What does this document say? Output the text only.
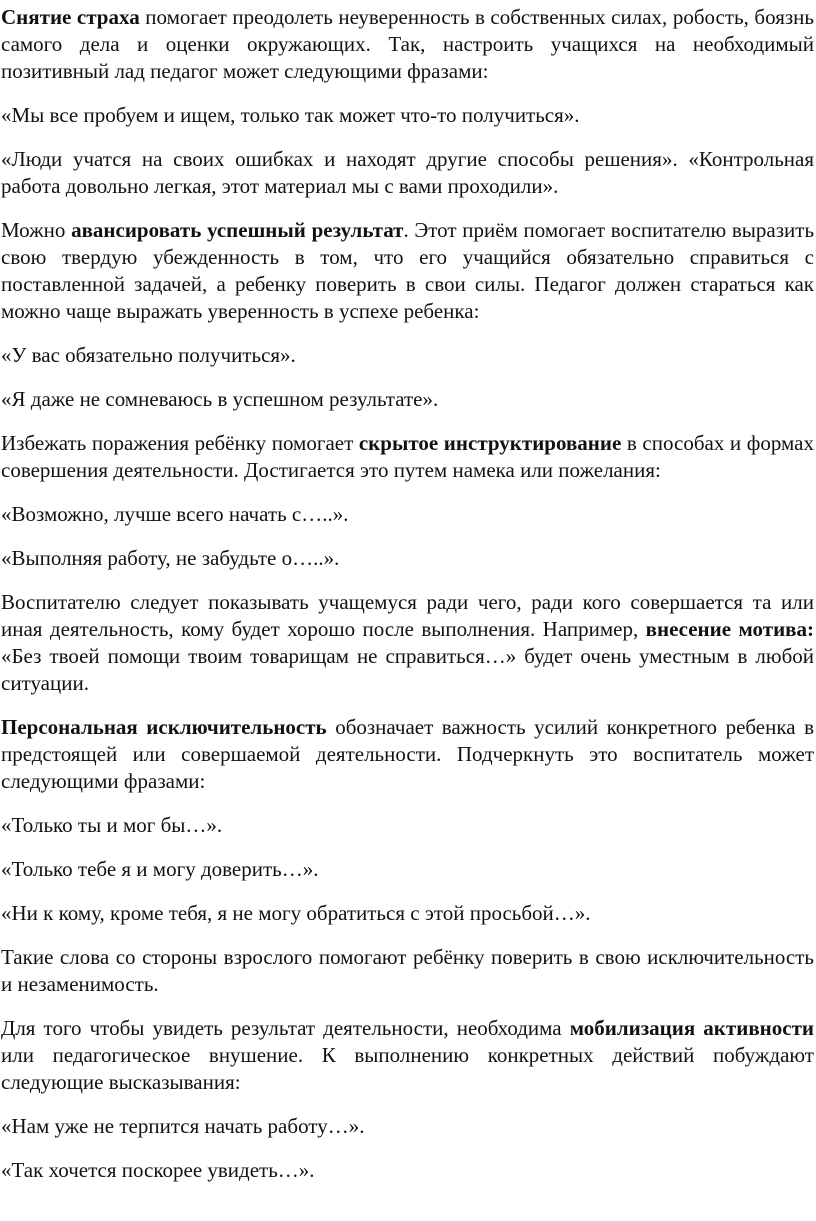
Снятие страха помогает преодолеть неуверенность в собственных силах, робость, боязнь самого дела и оценки окружающих. Так, настроить учащихся на необходимый позитивный лад педагог может следующими фразами:

«Мы все пробуем и ищем, только так может что-то получиться».

«Люди учатся на своих ошибках и находят другие способы решения». «Контрольная работа довольно легкая, этот материал мы с вами проходили».

Можно авансировать успешный результат. Этот приём помогает воспитателю выразить свою твердую убежденность в том, что его учащийся обязательно справиться с поставленной задачей, а ребенку поверить в свои силы. Педагог должен стараться как можно чаще выражать уверенность в успехе ребенка:

«У вас обязательно получиться».

«Я даже не сомневаюсь в успешном результате».

Избежать поражения ребёнку помогает скрытое инструктирование в способах и формах совершения деятельности. Достигается это путем намека или пожелания:

«Возможно, лучше всего начать с…..».

«Выполняя работу, не забудьте о…..».

Воспитателю следует показывать учащемуся ради чего, ради кого совершается та или иная деятельность, кому будет хорошо после выполнения. Например, внесение мотива: «Без твоей помощи твоим товарищам не справиться…» будет очень уместным в любой ситуации.

Персональная исключительность обозначает важность усилий конкретного ребенка в предстоящей или совершаемой деятельности. Подчеркнуть это воспитатель может следующими фразами:

«Только ты и мог бы…».

«Только тебе я и могу доверить…».

«Ни к кому, кроме тебя, я не могу обратиться с этой просьбой…».

Такие слова со стороны взрослого помогают ребёнку поверить в свою исключительность и незаменимость.

Для того чтобы увидеть результат деятельности, необходима мобилизация активности или педагогическое внушение. К выполнению конкретных действий побуждают следующие высказывания:

«Нам уже не терпится начать работу…».

«Так хочется поскорее увидеть…».
